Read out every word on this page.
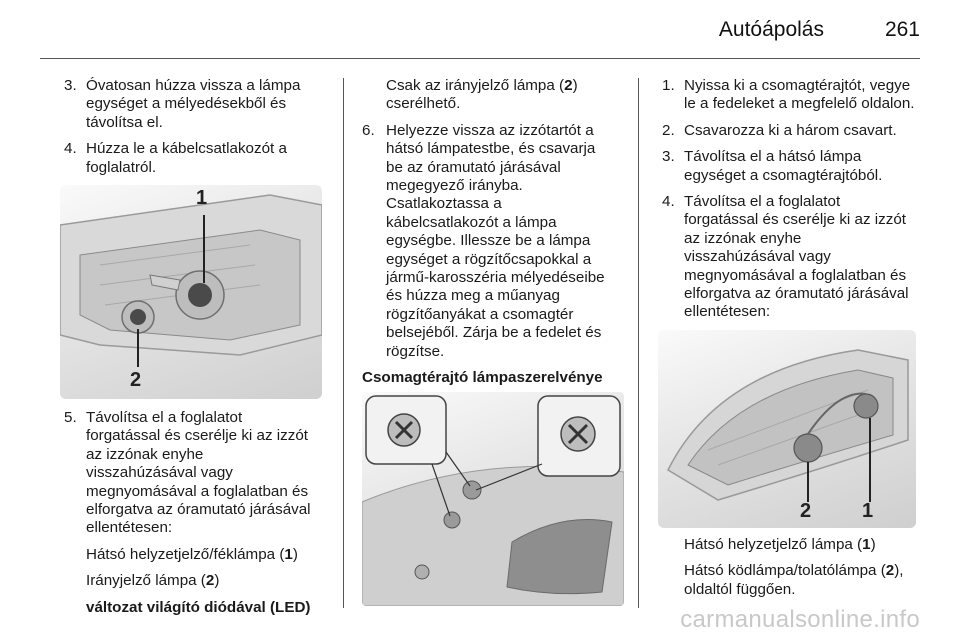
Autóápolás	261
3. Óvatosan húzza vissza a lámpa
egységet a mélyedésekből és
távolítsa el.
4. Húzza le a kábelcsatlakozót a
foglalatról.
1
2
5. Távolítsa el a foglalatot
forgatással és cserélje ki az izzót
az izzónak enyhe
visszahúzásával vagy
megnyomásával a foglalatban és
elforgatva az óramutató járásával
ellentétesen:
Hátsó helyzetjelző/féklámpa (1)
Irányjelző lámpa (2)
változat világító diódával (LED)
Csak az irányjelző lámpa (2)
cserélhető.
6. Helyezze vissza az izzótartót a
hátsó lámpatestbe, és csavarja
be az óramutató járásával
megegyező irányba.
Csatlakoztassa a
kábelcsatlakozót a lámpa
egységbe. Illessze be a lámpa
egységet a rögzítőcsapokkal a
jármű-karosszéria mélyedéseibe
és húzza meg a műanyag
rögzítőanyákat a csomagtér
belsejéből. Zárja be a fedelet és
rögzítse.
Csomagtérajtó lámpaszerelvénye
1. Nyissa ki a csomagtérajtót, vegye
le a fedeleket a megfelelő oldalon.
2. Csavarozza ki a három csavart.
3. Távolítsa el a hátsó lámpa
egységet a csomagtérajtóból.
4. Távolítsa el a foglalatot
forgatással és cserélje ki az izzót
az izzónak enyhe
visszahúzásával vagy
megnyomásával a foglalatban és
elforgatva az óramutató járásával
ellentétesen:
2	1
Hátsó helyzetjelző lámpa (1)
Hátsó ködlámpa/tolatólámpa (2),
oldaltól függően.
carmanualsonline.info
